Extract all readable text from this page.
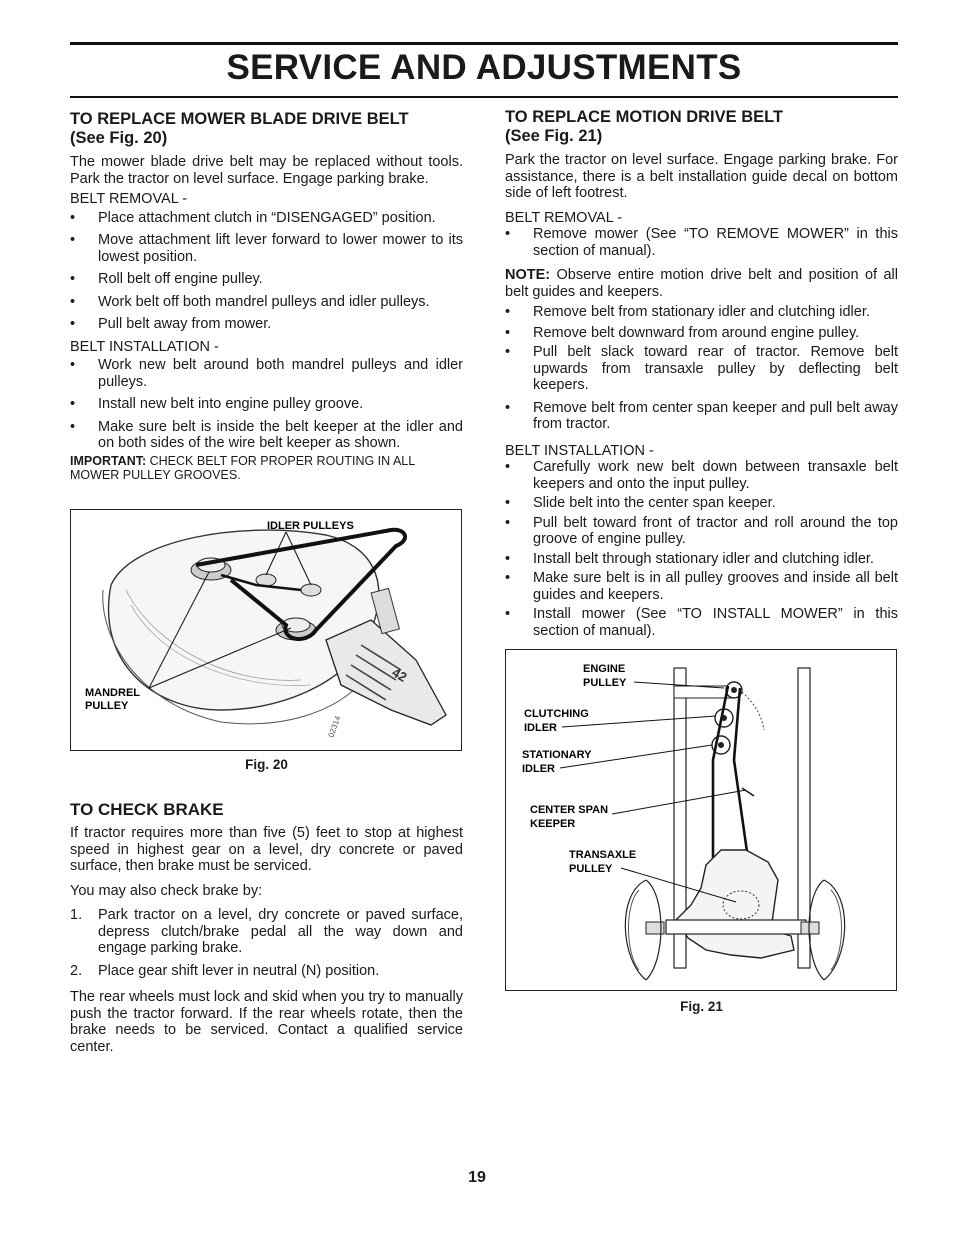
SERVICE AND ADJUSTMENTS
TO REPLACE MOWER BLADE DRIVE BELT
(See Fig. 20)

The mower blade drive belt may be replaced without tools. Park the tractor on level surface. Engage parking brake.

BELT REMOVAL -
• Place attachment clutch in “DISENGAGED” position.
• Move attachment lift lever forward to lower mower to its lowest position.
• Roll belt off engine pulley.
• Work belt off both mandrel pulleys and idler pulleys.
• Pull belt away from mower.
BELT INSTALLATION -
• Work new belt around both mandrel pulleys and idler pulleys.
• Install new belt into engine pulley groove.
• Make sure belt is inside the belt keeper at the idler and on both sides of the wire belt keeper as shown.

IMPORTANT: CHECK BELT FOR PROPER ROUTING IN ALL MOWER PULLEY GROOVES.

42
IDLER PULLEYS
MANDREL
PULLEY
02314
Fig. 20
TO CHECK BRAKE

If tractor requires more than five (5) feet to stop at highest speed in highest gear on a level, dry concrete or paved surface, then brake must be serviced.

You may also check brake by:

1. Park tractor on a level, dry concrete or paved surface, depress clutch/brake pedal all the way down and engage parking brake.
2. Place gear shift lever in neutral (N) position.

The rear wheels must lock and skid when you try to manually push the tractor forward. If the rear wheels rotate, then the brake needs to be serviced. Contact a qualified service center.

TO REPLACE MOTION DRIVE BELT
(See Fig. 21)

Park the tractor on level surface. Engage parking brake. For assistance, there is a belt installation guide decal on bottom side of left footrest.

BELT REMOVAL -
• Remove mower (See “TO REMOVE MOWER” in this section of manual).

NOTE: Observe entire motion drive belt and position of all belt guides and keepers.

• Remove belt from stationary idler and clutching idler.
• Remove belt downward from around engine pulley.
• Pull belt slack toward rear of tractor. Remove belt upwards from transaxle pulley by deflecting belt keepers.
• Remove belt from center span keeper and pull belt away from tractor.
BELT INSTALLATION -
• Carefully work new belt down between transaxle belt keepers and onto the input pulley.
• Slide belt into the center span keeper.
• Pull belt toward front of tractor and roll around the top groove of engine pulley.
• Install belt through stationary idler and clutching idler.
• Make sure belt is in all pulley grooves and inside all belt guides and keepers.
• Install mower (See “TO INSTALL MOWER” in this section of manual).
ENGINE
PULLEY
CLUTCHING
IDLER
STATIONARY
IDLER
CENTER SPAN
KEEPER
TRANSAXLE
PULLEY
Fig. 21
19
